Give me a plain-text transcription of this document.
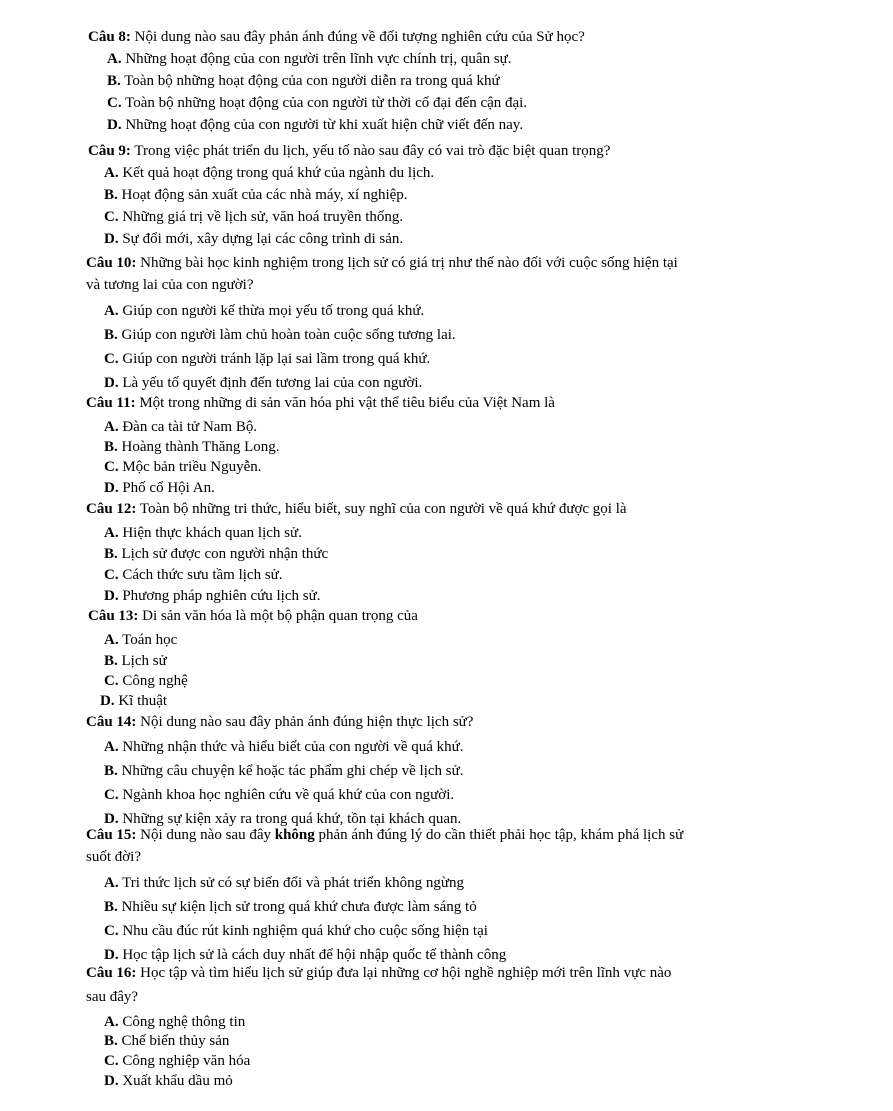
Câu 8: Nội dung nào sau đây phản ánh đúng về đối tượng nghiên cứu của Sử học?
A. Những hoạt động của con người trên lĩnh vực chính trị, quân sự.
B. Toàn bộ những hoạt động của con người diễn ra trong quá khứ
C. Toàn bộ những hoạt động của con người từ thời cổ đại đến cận đại.
D. Những hoạt động của con người từ khi xuất hiện chữ viết đến nay.
Câu 9: Trong việc phát triển du lịch, yếu tố nào sau đây có vai trò đặc biệt quan trọng?
A. Kết quả hoạt động trong quá khứ của ngành du lịch.
B. Hoạt động sản xuất của các nhà máy, xí nghiệp.
C. Những giá trị về lịch sử, văn hoá truyền thống.
D. Sự đổi mới, xây dựng lại các công trình di sản.
Câu 10: Những bài học kinh nghiệm trong lịch sử có giá trị như thế nào đối với cuộc sống hiện tại
và tương lai của con người?
A. Giúp con người kế thừa mọi yếu tố trong quá khứ.
B. Giúp con người làm chủ hoàn toàn cuộc sống tương lai.
C. Giúp con người tránh lặp lại sai lầm trong quá khứ.
D. Là yếu tố quyết định đến tương lai của con người.
Câu 11: Một trong những di sản văn hóa phi vật thể tiêu biểu của Việt Nam là
A. Đàn ca tài tử Nam Bộ.
B. Hoàng thành Thăng Long.
C. Mộc bản triều Nguyễn.
D. Phố cổ Hội An.
Câu 12: Toàn bộ những tri thức, hiểu biết, suy nghĩ của con người về quá khứ được gọi là
A. Hiện thực khách quan lịch sử.
B. Lịch sử được con người nhận thức
C. Cách thức sưu tầm lịch sử.
D. Phương pháp nghiên cứu lịch sử.
Câu 13: Di sản văn hóa là một bộ phận quan trọng của
A. Toán học
B. Lịch sử
C. Công nghệ
D. Kĩ thuật
Câu 14: Nội dung nào sau đây phản ánh đúng hiện thực lịch sử?
A. Những nhận thức và hiểu biết của con người về quá khứ.
B. Những câu chuyện kể hoặc tác phẩm ghi chép về lịch sử.
C. Ngành khoa học nghiên cứu về quá khứ của con người.
D. Những sự kiện xảy ra trong quá khứ, tồn tại khách quan.
Câu 15: Nội dung nào sau đây không phản ánh đúng lý do cần thiết phải học tập, khám phá lịch sử
suốt đời?
A. Tri thức lịch sử có sự biến đổi và phát triển không ngừng
B. Nhiều sự kiện lịch sử trong quá khứ chưa được làm sáng tỏ
C. Nhu cầu đúc rút kinh nghiệm quá khứ cho cuộc sống hiện tại
D. Học tập lịch sử là cách duy nhất để hội nhập quốc tế thành công
Câu 16: Học tập và tìm hiểu lịch sử giúp đưa lại những cơ hội nghề nghiệp mới trên lĩnh vực nào
sau đây?
A. Công nghệ thông tin
B. Chế biến thủy sản
C. Công nghiệp văn hóa
D. Xuất khẩu dầu mỏ
